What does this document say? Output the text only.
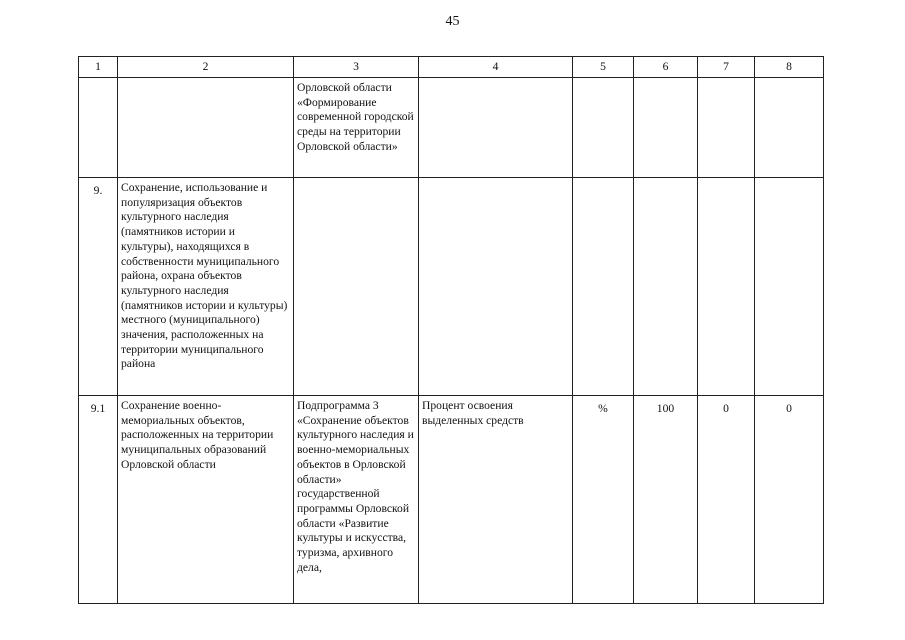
45
1	2	3	4	5	6	7	8
		Орловской области «Формирование современной городской среды на территории Орловской области»					
9.	Сохранение, использование и популяризация объектов культурного наследия (памятников истории и культуры), находящихся в собственности муниципального района, охрана объектов культурного наследия (памятников истории и культуры) местного (муниципального) значения, расположенных на территории муниципального района						
9.1	Сохранение военно-мемориальных объектов, расположенных на территории муниципальных образований Орловской области	Подпрограмма 3 «Сохранение объектов культурного наследия и военно-мемориальных объектов в Орловской области» государственной программы Орловской области «Развитие культуры и искусства, туризма, архивного дела,	Процент освоения выделенных средств	%	100	0	0
